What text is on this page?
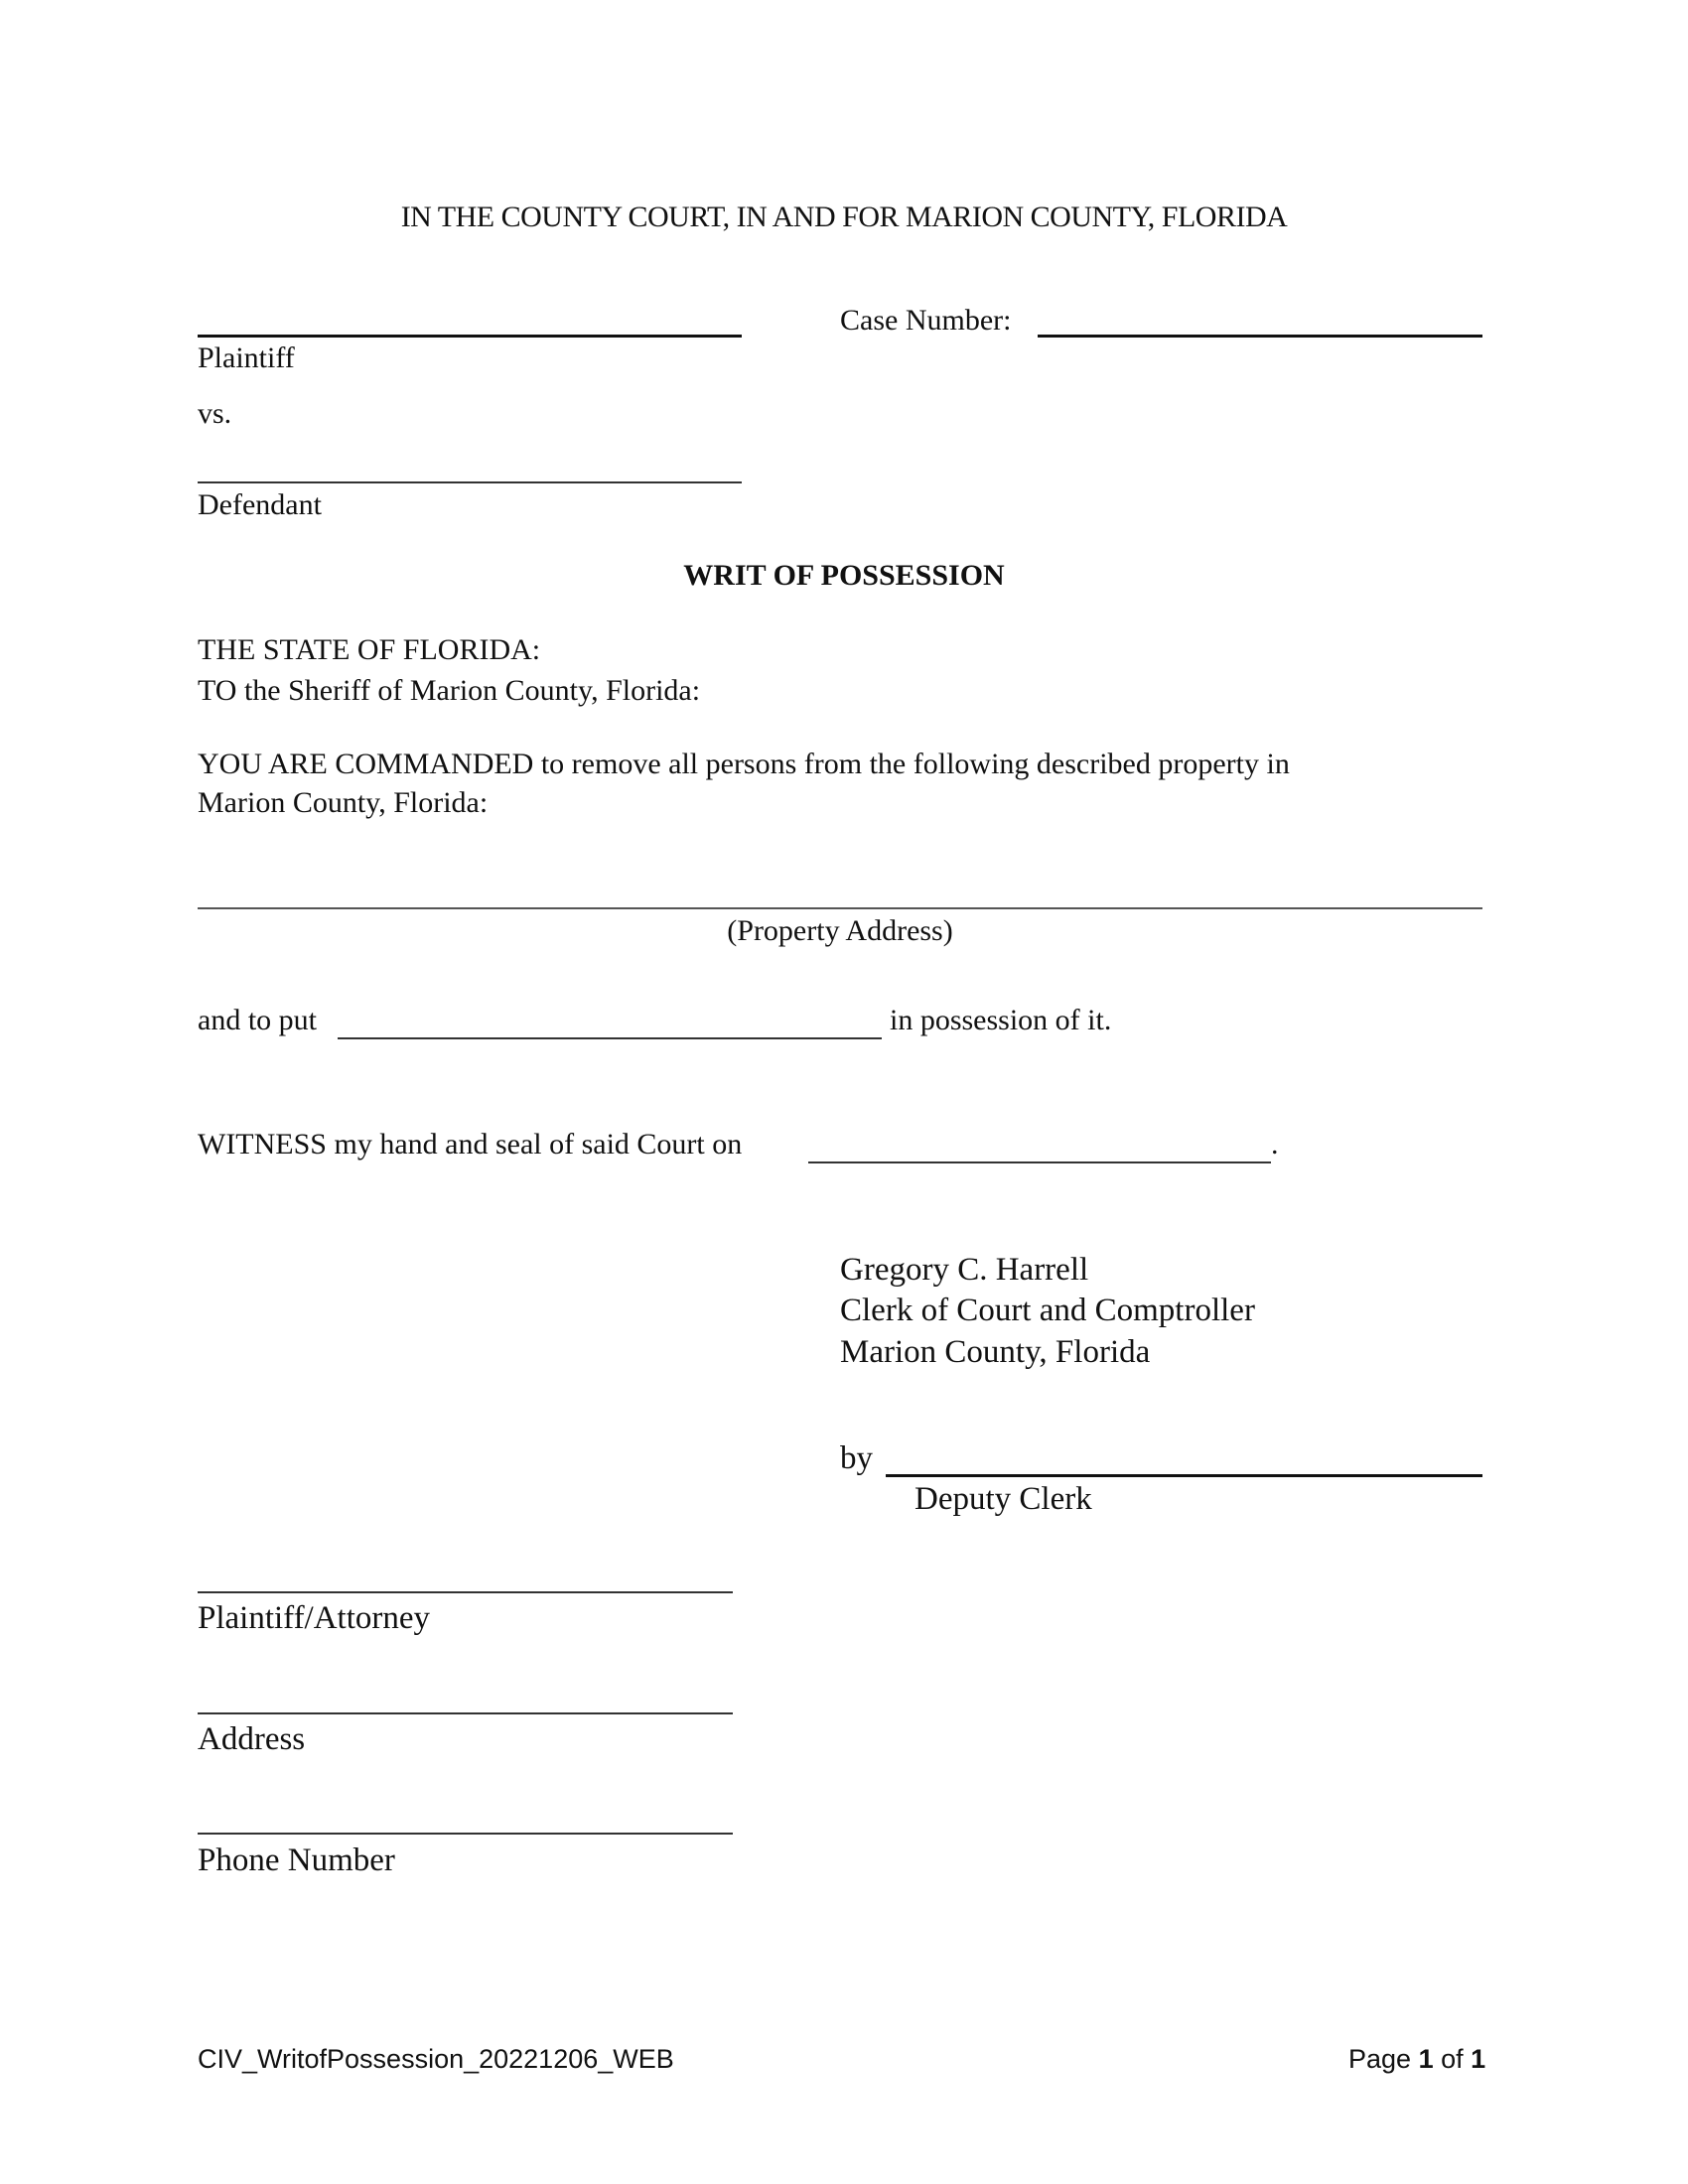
IN THE COUNTY COURT, IN AND FOR MARION COUNTY, FLORIDA
Plaintiff
Case Number:
vs.
Defendant
WRIT OF POSSESSION
THE STATE OF FLORIDA:
TO the Sheriff of Marion County, Florida:
YOU ARE COMMANDED to remove all persons from the following described property in
Marion County, Florida:
(Property Address)
and to put	in possession of it.
WITNESS my hand and seal of said Court on	.
Gregory C. Harrell
Clerk of Court and Comptroller
Marion County, Florida
by
Deputy Clerk
Plaintiff/Attorney
Address
Phone Number
CIV_WritofPossession_20221206_WEB	Page 1 of 1
